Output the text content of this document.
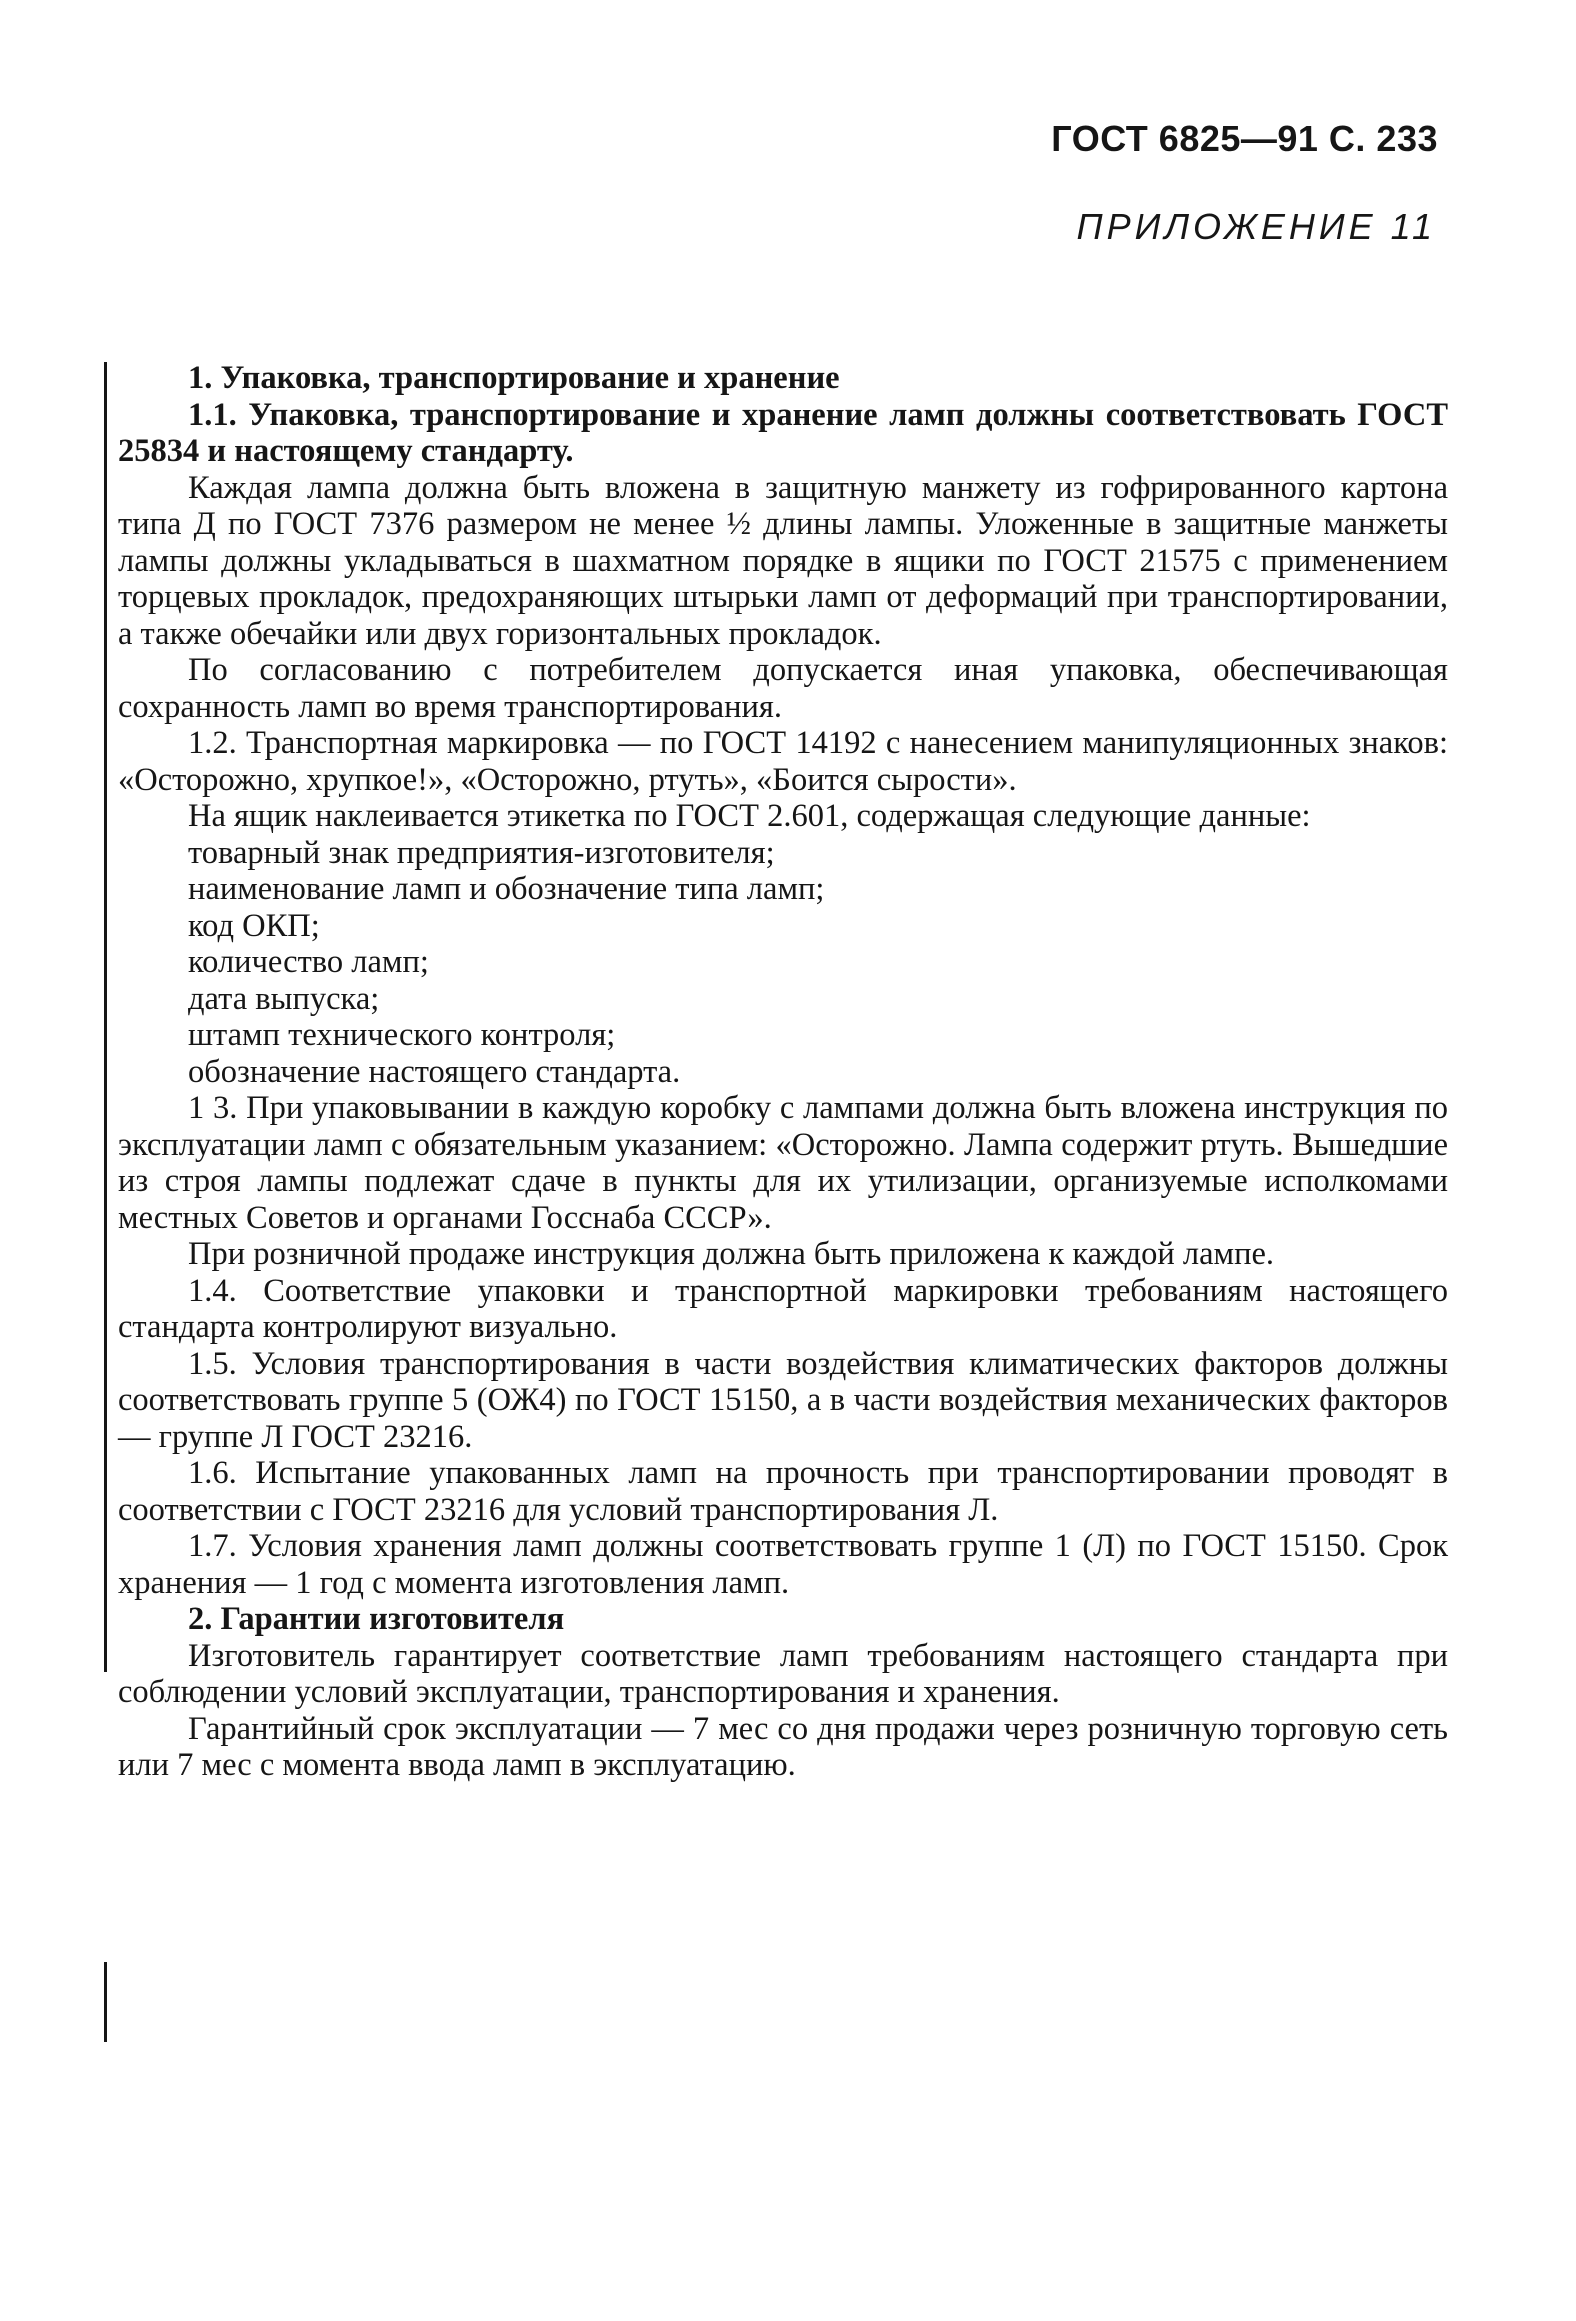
ГОСТ 6825—91 С. 233
ПРИЛОЖЕНИЕ 11

1. Упаковка, транспортирование и хранение

1.1. Упаковка, транспортирование и хранение ламп должны соответствовать ГОСТ 25834 и настоящему стандарту.

Каждая лампа должна быть вложена в защитную манжету из гофрированного картона типа Д по ГОСТ 7376 размером не менее ½ длины лампы. Уложенные в защитные манжеты лампы должны укладываться в шахматном порядке в ящики по ГОСТ 21575 с применением торцевых прокладок, предохраняющих штырьки ламп от деформаций при транспортировании, а также обечайки или двух горизонтальных прокладок.

По согласованию с потребителем допускается иная упаковка, обеспечивающая сохранность ламп во время транспортирования.

1.2. Транспортная маркировка — по ГОСТ 14192 с нанесением манипуляционных знаков: «Осторожно, хрупкое!», «Осторожно, ртуть», «Боится сырости».

На ящик наклеивается этикетка по ГОСТ 2.601, содержащая следующие данные:

товарный знак предприятия-изготовителя;

наименование ламп и обозначение типа ламп;

код ОКП;

количество ламп;

дата выпуска;

штамп технического контроля;

обозначение настоящего стандарта.

1 3. При упаковывании в каждую коробку с лампами должна быть вложена инструкция по эксплуатации ламп с обязательным указанием: «Осторожно. Лампа содержит ртуть. Вышедшие из строя лампы подлежат сдаче в пункты для их утилизации, организуемые исполкомами местных Советов и органами Госснаба СССР».

При розничной продаже инструкция должна быть приложена к каждой лампе.

1.4. Соответствие упаковки и транспортной маркировки требованиям настоящего стандарта контролируют визуально.

1.5. Условия транспортирования в части воздействия климатических факторов должны соответствовать группе 5 (ОЖ4) по ГОСТ 15150, а в части воздействия механических факторов — группе Л ГОСТ 23216.

1.6. Испытание упакованных ламп на прочность при транспортировании проводят в соответствии с ГОСТ 23216 для условий транспортирования Л.

1.7. Условия хранения ламп должны соответствовать группе 1 (Л) по ГОСТ 15150. Срок хранения — 1 год с момента изготовления ламп.

2. Гарантии изготовителя

Изготовитель гарантирует соответствие ламп требованиям настоящего стандарта при соблюдении условий эксплуатации, транспортирования и хранения.

Гарантийный срок эксплуатации — 7 мес со дня продажи через розничную торговую сеть или 7 мес с момента ввода ламп в эксплуатацию.
